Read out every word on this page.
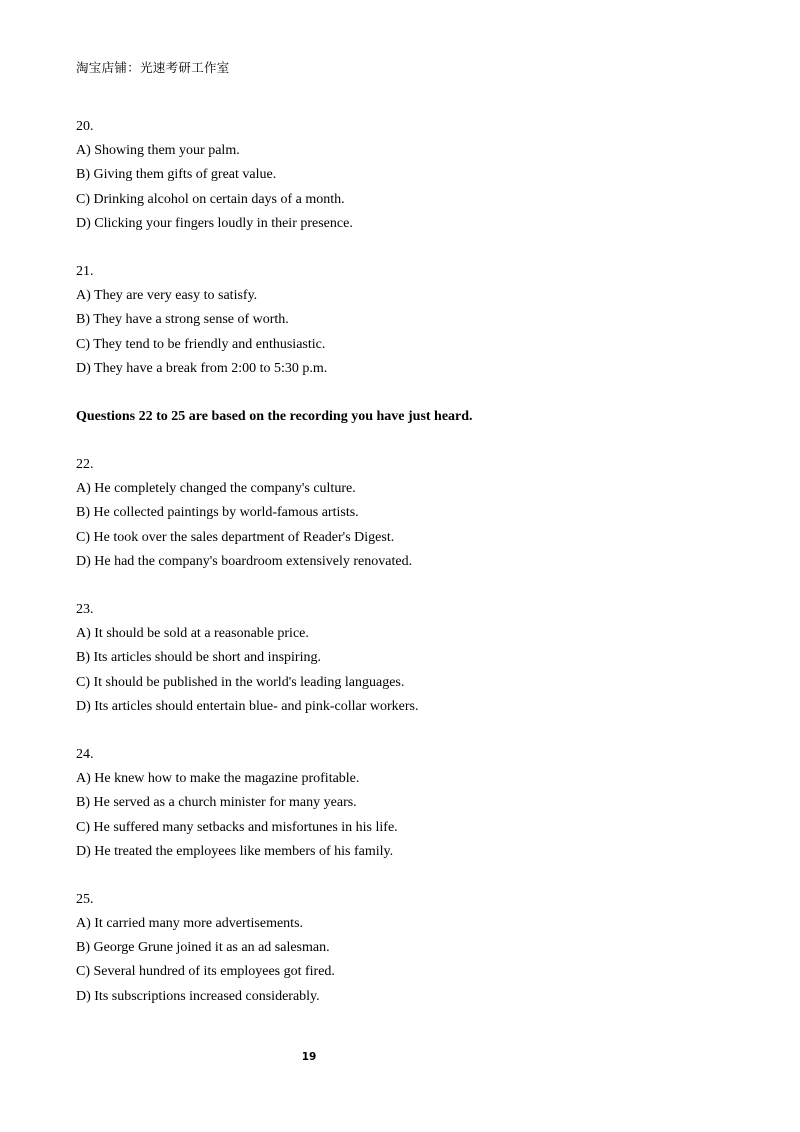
淘宝店铺：光速考研工作室
20.
A) Showing them your palm.
B) Giving them gifts of great value.
C) Drinking alcohol on certain days of a month.
D) Clicking your fingers loudly in their presence.
21.
A) They are very easy to satisfy.
B) They have a strong sense of worth.
C) They tend to be friendly and enthusiastic.
D) They have a break from 2:00 to 5:30 p.m.
Questions 22 to 25 are based on the recording you have just heard.
22.
A) He completely changed the company's culture.
B) He collected paintings by world-famous artists.
C) He took over the sales department of Reader's Digest.
D) He had the company's boardroom extensively renovated.
23.
A) It should be sold at a reasonable price.
B) Its articles should be short and inspiring.
C) It should be published in the world's leading languages.
D) Its articles should entertain blue- and pink-collar workers.
24.
A) He knew how to make the magazine profitable.
B) He served as a church minister for many years.
C) He suffered many setbacks and misfortunes in his life.
D) He treated the employees like members of his family.
25.
A) It carried many more advertisements.
B) George Grune joined it as an ad salesman.
C) Several hundred of its employees got fired.
D) Its subscriptions increased considerably.
19
